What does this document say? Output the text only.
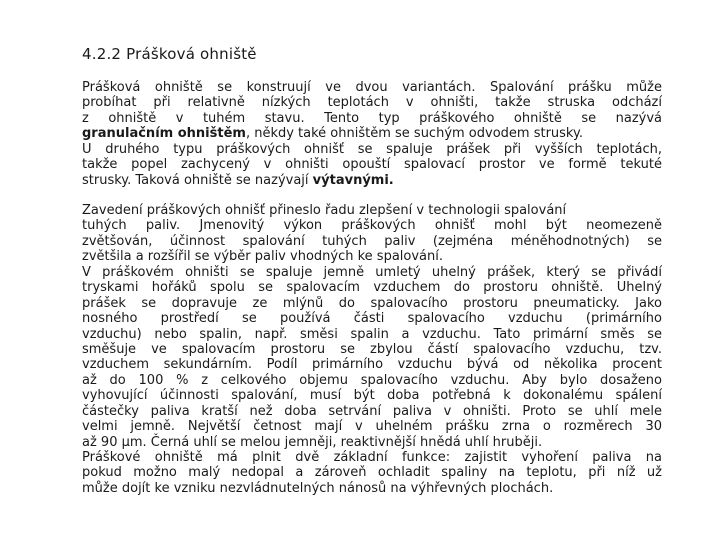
4.2.2 Prášková ohniště
Prášková ohniště se konstruují ve dvou variantách. Spalování prášku může
probíhat při relativně nízkých teplotách v ohništi, takže struska odchází
z ohniště v tuhém stavu. Tento typ práškového ohniště se nazývá
granulačním ohništěm, někdy také ohništěm se suchým odvodem strusky.
U druhého typu práškových ohnišť se spaluje prášek při vyšších teplotách,
takže popel zachycený v ohništi opouští spalovací prostor ve formě tekuté
strusky. Taková ohniště se nazývají výtavnými.
Zavedení práškových ohnišť přineslo řadu zlepšení v technologii spalování
tuhých paliv. Jmenovitý výkon práškových ohnišť mohl být neomezeně
zvětšován, účinnost spalování tuhých paliv (zejména méněhodnotných) se
zvětšila a rozšířil se výběr paliv vhodných ke spalování.
V práškovém ohništi se spaluje jemně umletý uhelný prášek, který se přivádí
tryskami hořáků spolu se spalovacím vzduchem do prostoru ohniště. Uhelný
prášek se dopravuje ze mlýnů do spalovacího prostoru pneumaticky. Jako
nosného prostředí se používá části spalovacího vzduchu (primárního
vzduchu) nebo spalin, např. směsi spalin a vzduchu. Tato primární směs se
směšuje ve spalovacím prostoru se zbylou částí spalovacího vzduchu, tzv.
vzduchem sekundárním. Podíl primárního vzduchu bývá od několika procent
až do 100 % z celkového objemu spalovacího vzduchu. Aby bylo dosaženo
vyhovující účinnosti spalování, musí být doba potřebná k dokonalému spálení
částečky paliva kratší než doba setrvání paliva v ohništi. Proto se uhlí mele
velmi jemně. Největší četnost mají v uhelném prášku zrna o rozměrech 30
až 90 μm. Černá uhlí se melou jemněji, reaktivnější hnědá uhlí hruběji.
Práškové ohniště má plnit dvě základní funkce: zajistit vyhoření paliva na
pokud možno malý nedopal a zároveň ochladit spaliny na teplotu, při níž už
může dojít ke vzniku nezvládnutelných nánosů na výhřevných plochách.
